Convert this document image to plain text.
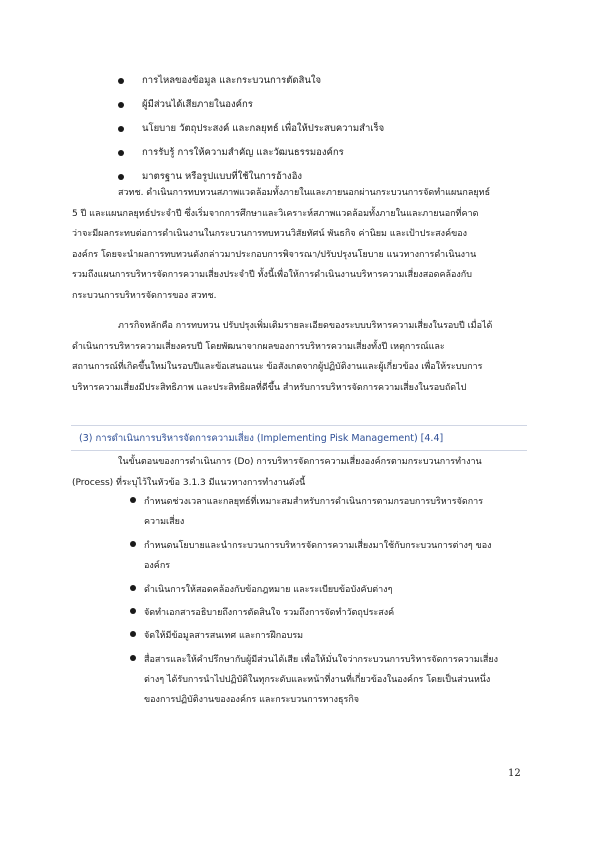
การไหลของข้อมูล และกระบวนการตัดสินใจ
ผู้มีส่วนได้เสียภายในองค์กร
นโยบาย วัตถุประสงค์ และกลยุทธ์ เพื่อให้ประสบความสำเร็จ
การรับรู้ การให้ความสำคัญ และวัฒนธรรมองค์กร
มาตรฐาน หรือรูปแบบที่ใช้ในการอ้างอิง
สวทช. ดำเนินการทบทวนสภาพแวดล้อมทั้งภายในและภายนอกผ่านกระบวนการจัดทำแผนกลยุทธ์
5 ปี และแผนกลยุทธ์ประจำปี ซึ่งเริ่มจากการศึกษาและวิเคราะห์สภาพแวดล้อมทั้งภายในและภายนอกที่คาด
ว่าจะมีผลกระทบต่อการดำเนินงานในกระบวนการทบทวนวิสัยทัศน์ พันธกิจ ค่านิยม และเป้าประสงค์ของ
องค์กร โดยจะนำผลการทบทวนดังกล่าวมาประกอบการพิจารณา/ปรับปรุงนโยบาย แนวทางการดำเนินงาน
รวมถึงแผนการบริหารจัดการความเสี่ยงประจำปี ทั้งนี้เพื่อให้การดำเนินงานบริหารความเสี่ยงสอดคล้องกับ
กระบวนการบริหารจัดการของ สวทช.
ภารกิจหลักคือ การทบทวน ปรับปรุงเพิ่มเติมรายละเอียดของระบบบริหารความเสี่ยงในรอบปี เมื่อได้
ดำเนินการบริหารความเสี่ยงครบปี โดยพัฒนาจากผลของการบริหารความเสี่ยงทั้งปี เหตุการณ์และ
สถานการณ์ที่เกิดขึ้นใหม่ในรอบปีและข้อเสนอแนะ ข้อสังเกตจากผู้ปฏิบัติงานและผู้เกี่ยวข้อง เพื่อให้ระบบการ
บริหารความเสี่ยงมีประสิทธิภาพ และประสิทธิผลที่ดีขึ้น สำหรับการบริหารจัดการความเสี่ยงในรอบถัดไป
(3) การดำเนินการบริหารจัดการความเสี่ยง (Implementing Pisk Management) [4.4]
ในขั้นตอนของการดำเนินการ (Do) การบริหารจัดการความเสี่ยงองค์กรตามกระบวนการทำงาน
(Process) ที่ระบุไว้ในหัวข้อ 3.1.3 มีแนวทางการทำงานดังนี้
กำหนดช่วงเวลาและกลยุทธ์ที่เหมาะสมสำหรับการดำเนินการตามกรอบการบริหารจัดการ
ความเสี่ยง
กำหนดนโยบายและนำกระบวนการบริหารจัดการความเสี่ยงมาใช้กับกระบวนการต่างๆ ของ
องค์กร
ดำเนินการให้สอดคล้องกับข้อกฎหมาย และระเบียบข้อบังคับต่างๆ
จัดทำเอกสารอธิบายถึงการตัดสินใจ รวมถึงการจัดทำวัตถุประสงค์
จัดให้มีข้อมูลสารสนเทศ และการฝึกอบรม
สื่อสารและให้คำปรึกษากับผู้มีส่วนได้เสีย เพื่อให้มั่นใจว่ากระบวนการบริหารจัดการความเสี่ยง
ต่างๆ ได้รับการนำไปปฏิบัติในทุกระดับและหน้าที่งานที่เกี่ยวข้องในองค์กร โดยเป็นส่วนหนึ่ง
ของการปฏิบัติงานขององค์กร และกระบวนการทางธุรกิจ
12
